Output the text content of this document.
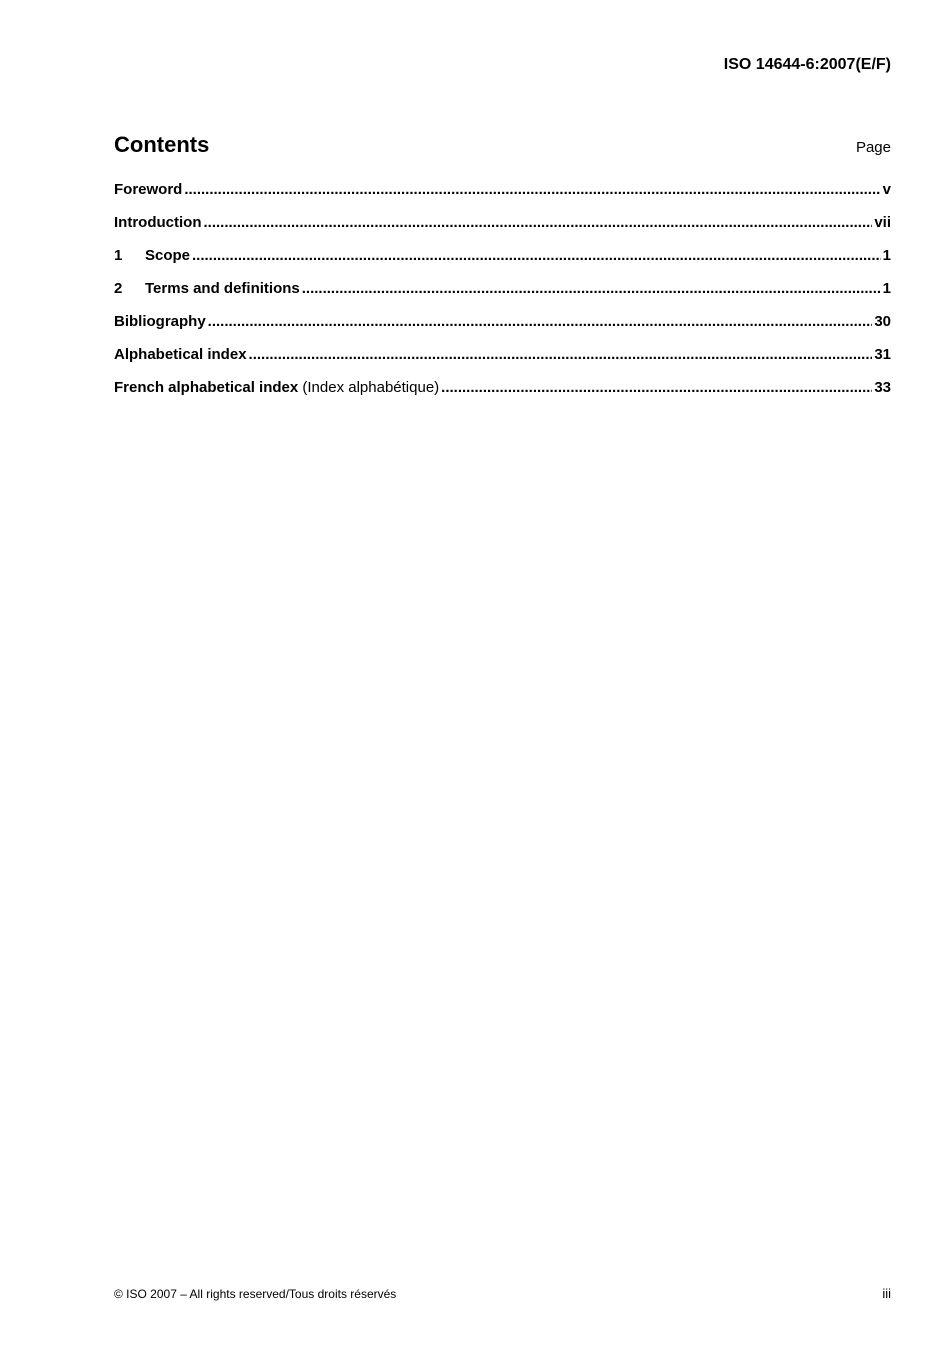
ISO 14644-6:2007(E/F)
Contents	Page
Foreword .....	v
Introduction .....	vii
1	Scope .....	1
2	Terms and definitions .....	1
Bibliography .....	30
Alphabetical index .....	31
French alphabetical index (Index alphabétique) .....	33
© ISO 2007 – All rights reserved/Tous droits réservés	iii
